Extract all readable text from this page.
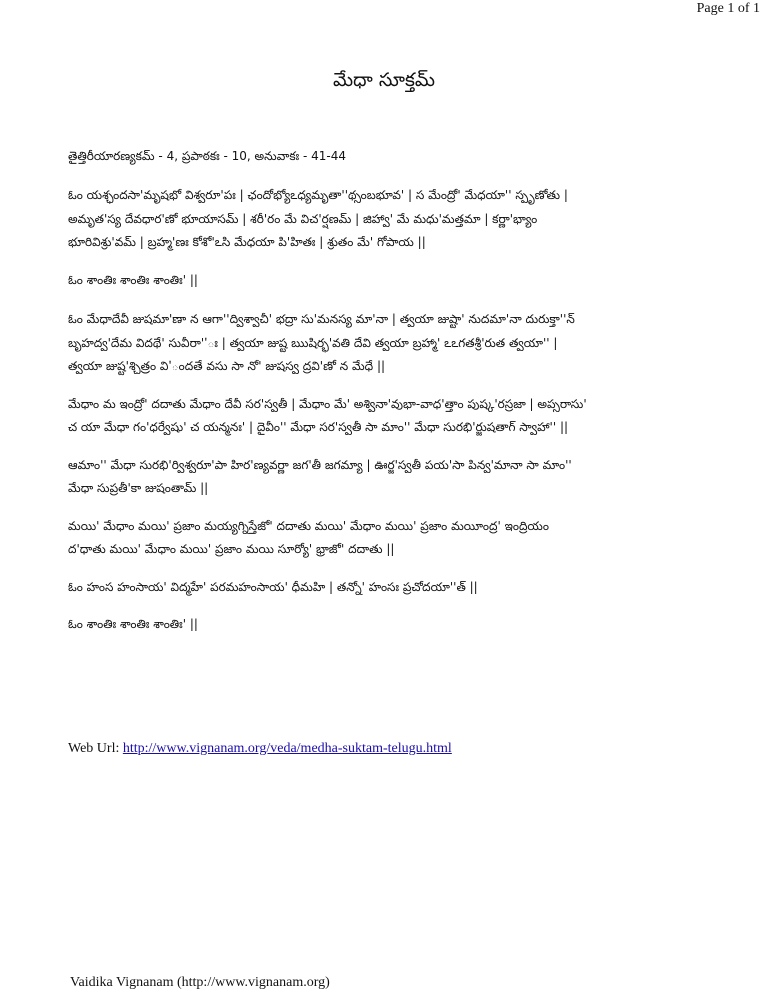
Page 1 of 1
మేధా సూక్తమ్
తైత్తిరీయారణ్యకమ్ - 4, ప్రపాఠకః - 10, అనువాకః - 41-44
ఓం యశ్ఛందసా'మృషభో విశ్వరూ'పః | ఛందోభ్యోఽధ్యమృతా''థ్సంబభూవ' | స మేంద్రో' మేధయా'' స్పృణోతు |
అమృత'స్య దేవధార'ణో భూయాసమ్ | శరీ'రం మే విచ'ర్షణమ్ | జిహ్వా' మే మధు'మత్తమా | కర్ణా'భ్యాం
భూరివిశ్రు'వమ్ | బ్రహ్మ'ణః కోశో'ఽసి మేధయా పి'హితః | శ్రుతం మే' గోపాయ ||
ఓం శాంతిః శాంతిః శాంతిః' ||
ఓం మేధాదేవీ జుషమా'ణా న ఆగా''ద్విశ్వాచీ' భద్రా సు'మనస్య మా'నా | త్వయా జుష్టా' నుదమా'నా దురుక్తా''న్
బృహద్వ'దేమ విదథే' సువీరా''ః | త్వయా జుష్ట ఋషిర్భ'వతి దేవి త్వయా బ్రహ్మా' ఽఽగతశ్రీ'రుత త్వయా'' |
త్వయా జుష్ట'శ్చిత్రం వి'ందతే వసు సా నో' జుషస్వ ద్రవి'ణో న మేధే ||
మేధాం మ ఇంద్రో' దదాతు మేధాం దేవీ సర'స్వతీ | మేధాం మే' అశ్వినా'వుభా-వాధ'త్తాం పుష్క'రస్రజా | అప్సరాసు'
చ యా మేధా గం'ధర్వేషు' చ యన్మనః' | దైవీం'' మేధా సర'స్వతీ సా మాం'' మేధా సురభి'ర్జుషతాగ్ స్వాహా'' ||
ఆమాం'' మేధా సురభి'ర్విశ్వరూ'పా హిర'ణ్యవర్ణా జగ'తీ జగమ్యా | ఊర్జ'స్వతీ పయ'సా పిన్వ'మానా సా మాం''
మేధా సుప్రతీ'కా జుషంతామ్ ||
మయి' మేధాం మయి' ప్రజాం మయ్యగ్నిస్తేజో' దదాతు మయి' మేధాం మయి' ప్రజాం మయీంద్ర' ఇంద్రియం
ద'ధాతు మయి' మేధాం మయి' ప్రజాం మయి సూర్యో' భ్రాజో' దదాతు ||
ఓం హంస హంసాయ' విద్మహే' పరమహంసాయ' ధీమహి | తన్నో' హంసః ప్రచోదయా''త్ ||
ఓం శాంతిః శాంతిః శాంతిః' ||
Web Url: http://www.vignanam.org/veda/medha-suktam-telugu.html
Vaidika Vignanam (http://www.vignanam.org)
